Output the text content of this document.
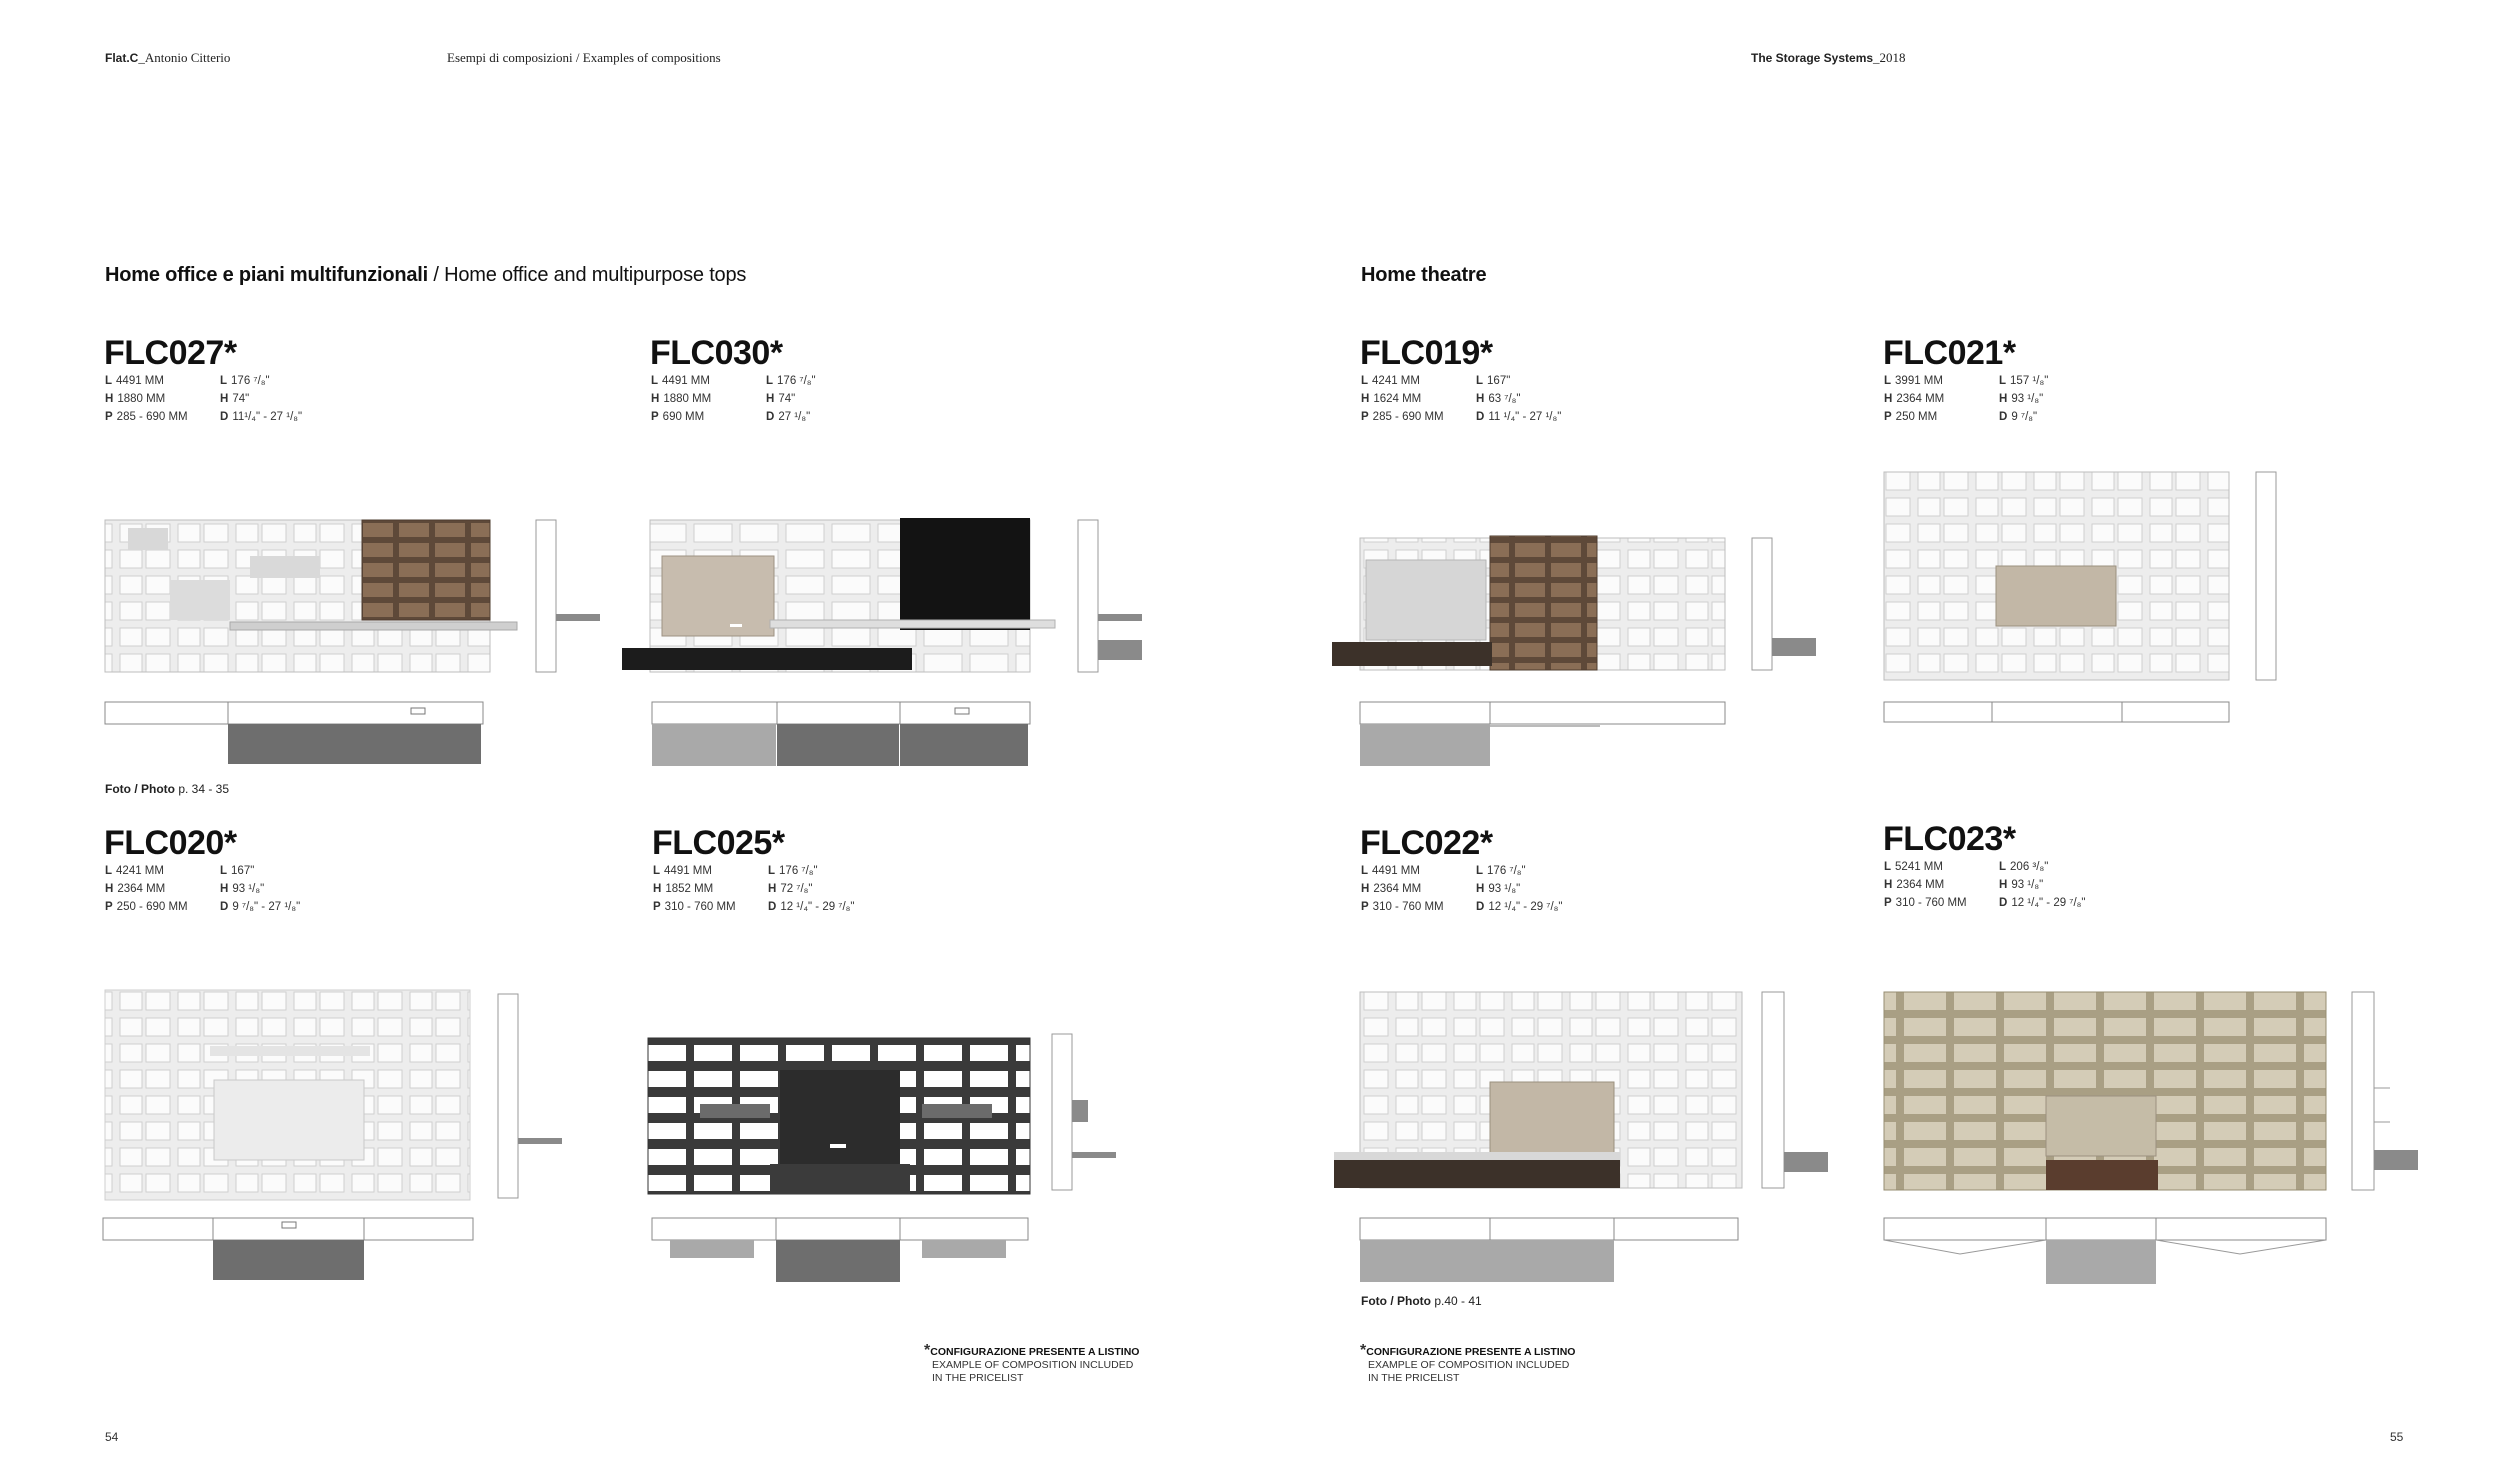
Flat.C_Antonio Citterio	Esempi di composizioni / Examples of compositions	The Storage Systems_2018
Home office e piani multifunzionali / Home office and multipurpose tops	Home theatre
FLC027*
L 4491 MM	L 176 ⁷/₈"
H 1880 MM	H 74"
P 285 - 690 MM	D 11¹/₄" - 27 ¹/₈"
FLC030*
L 4491 MM	L 176 ⁷/₈"
H 1880 MM	H 74"
P 690 MM	D 27 ¹/₈"
FLC019*
L 4241 MM	L 167"
H 1624 MM	H 63 ⁷/₈"
P 285 - 690 MM	D 11 ¹/₄" - 27 ¹/₈"
FLC021*
L 3991 MM	L 157 ¹/₈"
H 2364 MM	H 93 ¹/₈"
P 250 MM	D 9 ⁷/₈"
FLC020*
L 4241 MM	L 167"
H 2364 MM	H 93 ¹/₈"
P 250 - 690 MM	D 9 ⁷/₈" - 27 ¹/₈"
FLC025*
L 4491 MM	L 176 ⁷/₈"
H 1852 MM	H 72 ⁷/₈"
P 310 - 760 MM	D 12 ¹/₄" - 29 ⁷/₈"
FLC022*
L 4491 MM	L 176 ⁷/₈"
H 2364 MM	H 93 ¹/₈"
P 310 - 760 MM	D 12 ¹/₄" - 29 ⁷/₈"
FLC023*
L 5241 MM	L 206 ³/₈"
H 2364 MM	H 93 ¹/₈"
P 310 - 760 MM	D 12 ¹/₄" - 29 ⁷/₈"
Foto / Photo p. 34 - 35
Foto / Photo p.40 - 41
*CONFIGURAZIONE PRESENTE A LISTINO
EXAMPLE OF COMPOSITION INCLUDED
IN THE PRICELIST
*CONFIGURAZIONE PRESENTE A LISTINO
EXAMPLE OF COMPOSITION INCLUDED
IN THE PRICELIST
54	55
